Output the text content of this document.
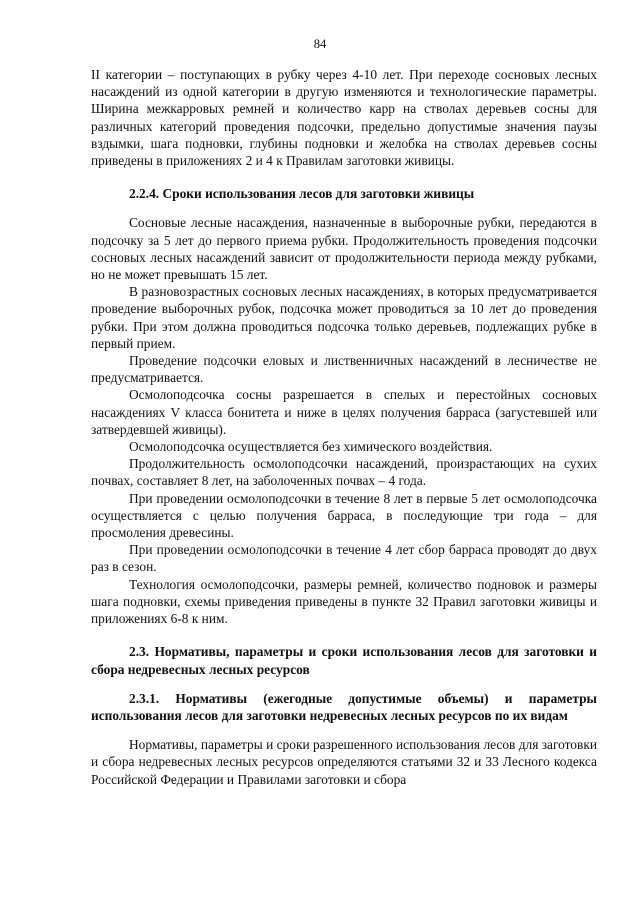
84

II категории – поступающих в рубку через 4-10 лет. При переходе сосновых лесных насаждений из одной категории в другую изменяются и технологические параметры. Ширина межкарровых ремней и количество карр на стволах деревьев сосны для различных категорий проведения подсочки, предельно допустимые значения паузы вздымки, шага подновки, глубины подновки и желобка на стволах деревьев сосны приведены в приложениях 2 и 4 к Правилам заготовки живицы.

2.2.4. Сроки использования лесов для заготовки живицы

Сосновые лесные насаждения, назначенные в выборочные рубки, передаются в подсочку за 5 лет до первого приема рубки. Продолжительность проведения подсочки сосновых лесных насаждений зависит от продолжительности периода между рубками, но не может превышать 15 лет.

В разновозрастных сосновых лесных насаждениях, в которых предусматривается проведение выборочных рубок, подсочка может проводиться за 10 лет до проведения рубки. При этом должна проводиться подсочка только деревьев, подлежащих рубке в первый прием.

Проведение подсочки еловых и лиственничных насаждений в лесничестве не предусматривается.

Осмолоподсочка сосны разрешается в спелых и перестойных сосновых насаждениях V класса бонитета и ниже в целях получения барраса (загустевшей или затвердевшей живицы).

Осмолоподсочка осуществляется без химического воздействия.

Продолжительность осмолоподсочки насаждений, произрастающих на сухих почвах, составляет 8 лет, на заболоченных почвах – 4 года.

При проведении осмолоподсочки в течение 8 лет в первые 5 лет осмолоподсочка осуществляется с целью получения барраса, в последующие три года – для просмоления древесины.

При проведении осмолоподсочки в течение 4 лет сбор барраса проводят до двух раз в сезон.

Технология осмолоподсочки, размеры ремней, количество подновок и размеры шага подновки, схемы приведения приведены в пункте 32 Правил заготовки живицы и приложениях 6-8 к ним.

2.3. Нормативы, параметры и сроки использования лесов для заготовки и сбора недревесных лесных ресурсов

2.3.1. Нормативы (ежегодные допустимые объемы) и параметры использования лесов для заготовки недревесных лесных ресурсов по их видам

Нормативы, параметры и сроки разрешенного использования лесов для заготовки и сбора недревесных лесных ресурсов определяются статьями 32 и 33 Лесного кодекса Российской Федерации и Правилами заготовки и сбора
